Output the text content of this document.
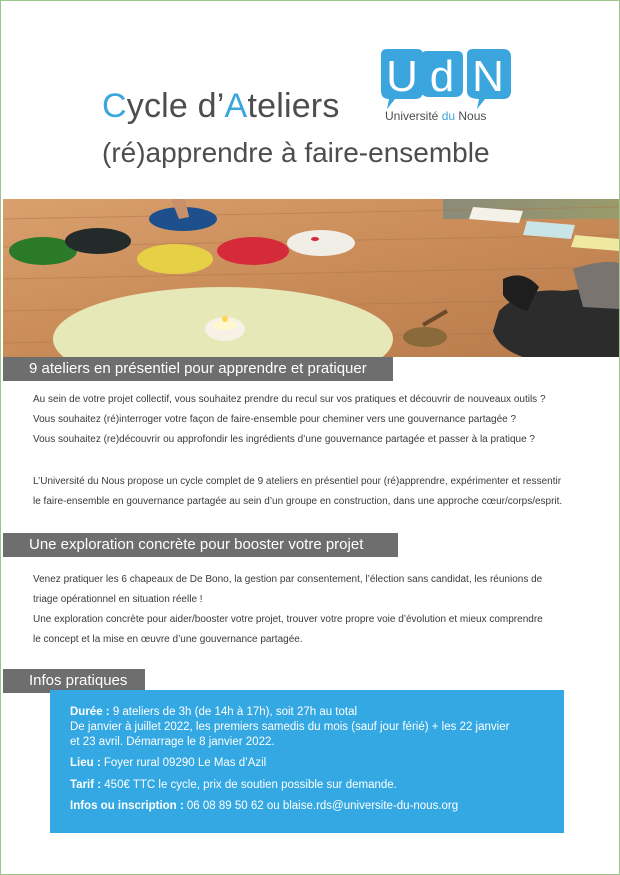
Cycle d’Ateliers
(ré)apprendre à faire-ensemble
U d N
Université du Nous
9 ateliers en présentiel pour apprendre et pratiquer

Au sein de votre projet collectif, vous souhaitez prendre du recul sur vos pratiques et découvrir de nouveaux outils ?

Vous souhaitez (ré)interroger votre façon de faire-ensemble pour cheminer vers une gouvernance partagée ?

Vous souhaitez (re)découvrir ou approfondir les ingrédients d’une gouvernance partagée et passer à la pratique ?

L’Université du Nous propose un cycle complet de 9 ateliers en présentiel pour (ré)apprendre, expérimenter et ressentir

le faire-ensemble en gouvernance partagée au sein d’un groupe en construction, dans une approche cœur/corps/esprit.

Une exploration concrète pour booster votre projet

Venez pratiquer les 6 chapeaux de De Bono, la gestion par consentement, l’élection sans candidat, les réunions de

triage opérationnel en situation réelle !

Une exploration concrète pour aider/booster votre projet, trouver votre propre voie d’évolution et mieux comprendre

le concept et la mise en œuvre d’une gouvernance partagée.

Infos pratiques
Durée : 9 ateliers de 3h (de 14h à 17h), soit 27h au total
De janvier à juillet 2022, les premiers samedis du mois (sauf jour férié) + les 22 janvier
et 23 avril. Démarrage le 8 janvier 2022.
Lieu : Foyer rural 09290 Le Mas d’Azil
Tarif : 450€ TTC le cycle, prix de soutien possible sur demande.
Infos ou inscription : 06 08 89 50 62 ou blaise.rds@universite-du-nous.org
